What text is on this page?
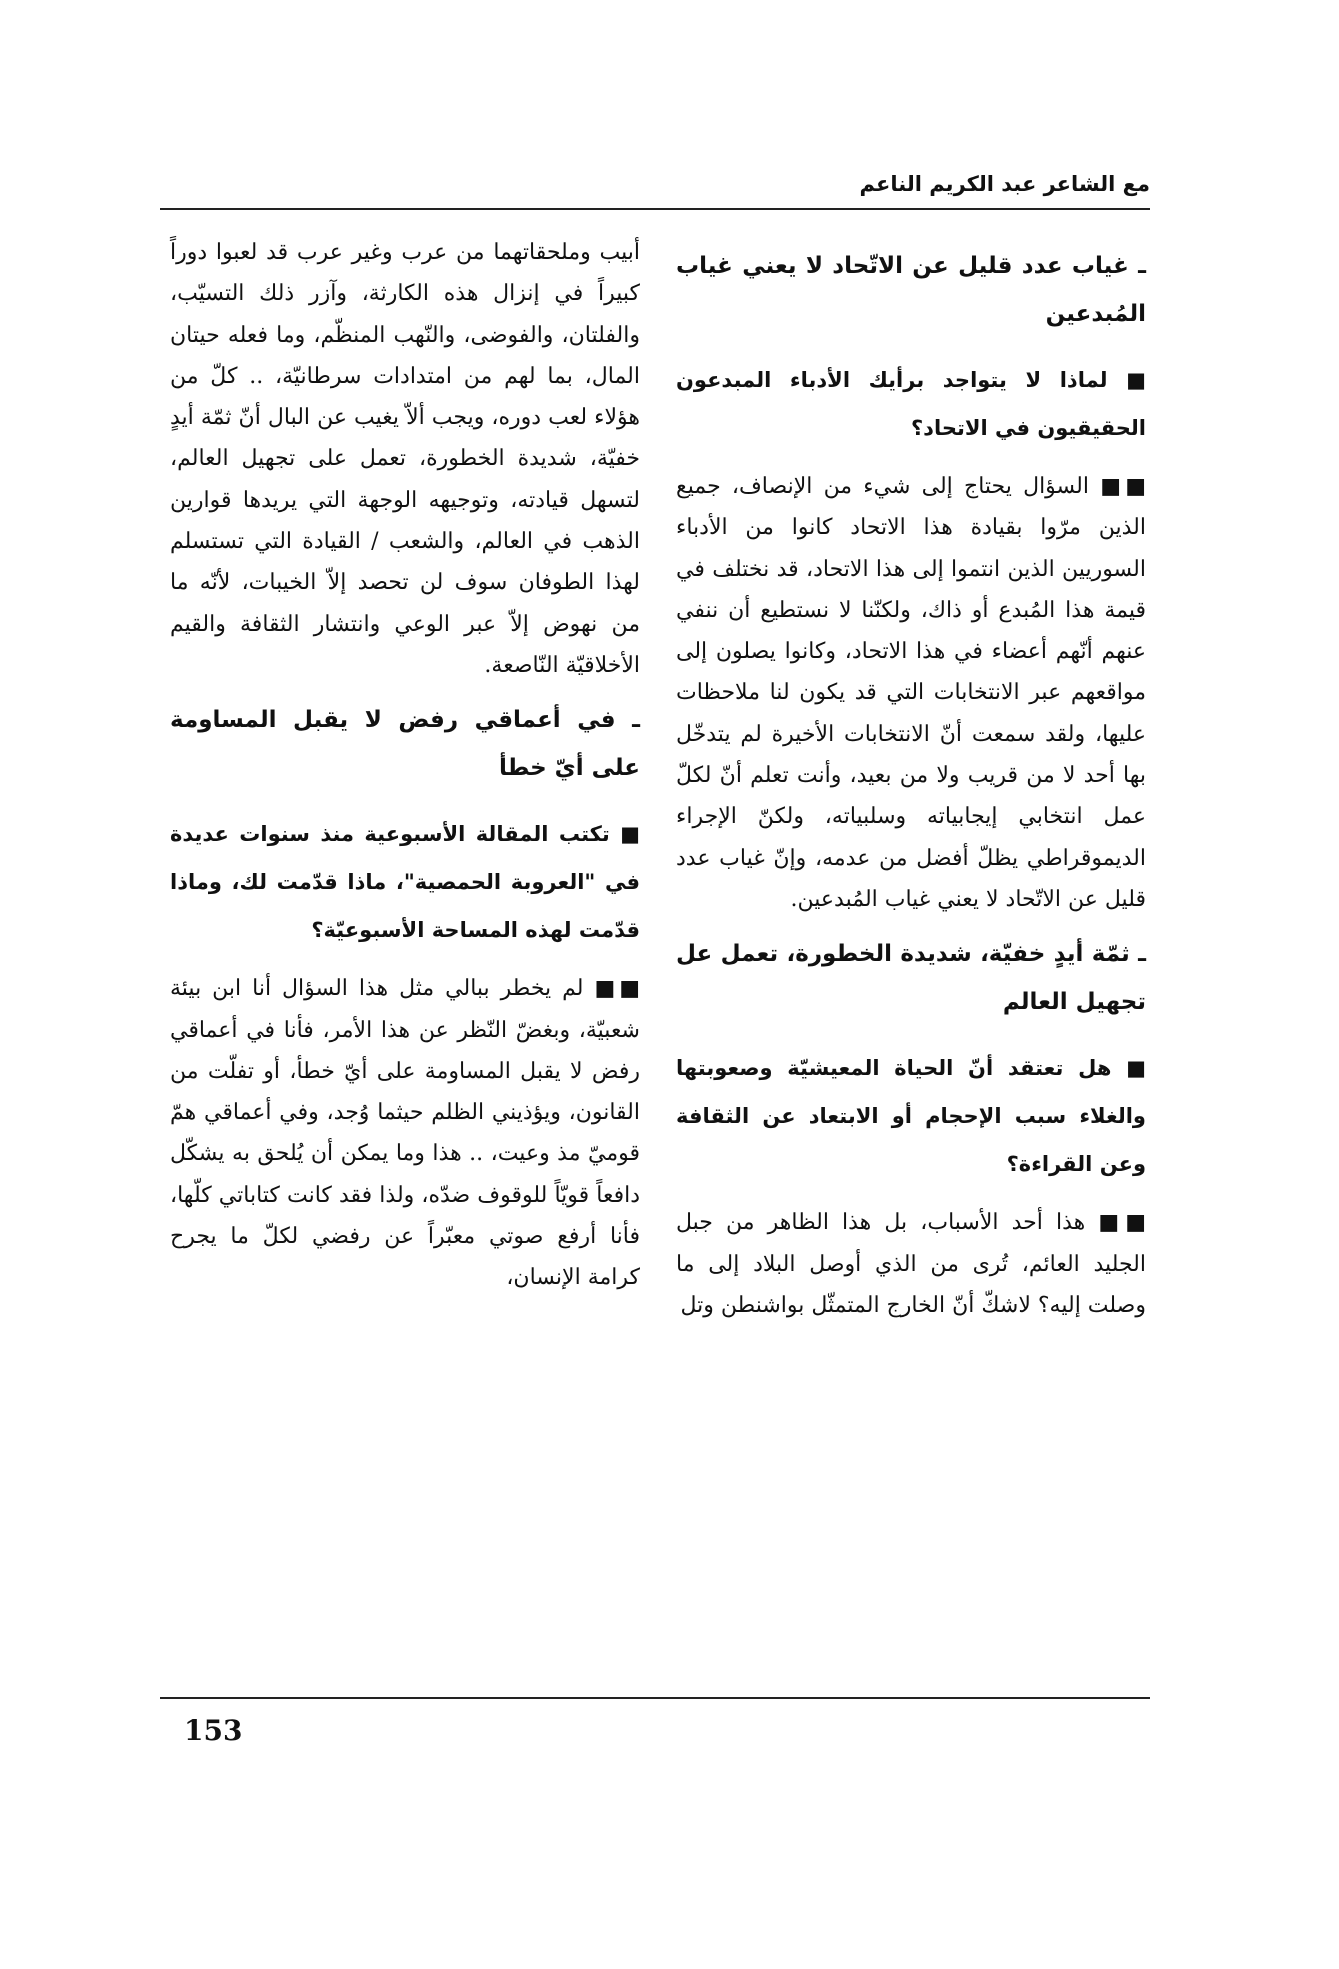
مع الشاعر عبد الكريم الناعم
ـ غياب عدد قليل عن الاتّحاد لا يعني غياب المُبدعين
■ لماذا لا يتواجد برأيك الأدباء المبدعون الحقيقيون في الاتحاد؟

■■ السؤال يحتاج إلى شيء من الإنصاف، جميع الذين مرّوا بقيادة هذا الاتحاد كانوا من الأدباء السوريين الذين انتموا إلى هذا الاتحاد، قد نختلف في قيمة هذا المُبدع أو ذاك، ولكنّنا لا نستطيع أن ننفي عنهم أنّهم أعضاء في هذا الاتحاد، وكانوا يصلون إلى مواقعهم عبر الانتخابات التي قد يكون لنا ملاحظات عليها، ولقد سمعت أنّ الانتخابات الأخيرة لم يتدخّل بها أحد لا من قريب ولا من بعيد، وأنت تعلم أنّ لكلّ عمل انتخابي إيجابياته وسلبياته، ولكنّ الإجراء الديموقراطي يظلّ أفضل من عدمه، وإنّ غياب عدد قليل عن الاتّحاد لا يعني غياب المُبدعين.

ـ ثمّة أيدٍ خفيّة، شديدة الخطورة، تعمل عل تجهيل العالم
■ هل تعتقد أنّ الحياة المعيشيّة وصعوبتها والغلاء سبب الإحجام أو الابتعاد عن الثقافة وعن القراءة؟

■■ هذا أحد الأسباب، بل هذا الظاهر من جبل الجليد العائم، تُرى من الذي أوصل البلاد إلى ما وصلت إليه؟ لاشكّ أنّ الخارج المتمثّل بواشنطن وتل

أبيب وملحقاتهما من عرب وغير عرب قد لعبوا دوراً كبيراً في إنزال هذه الكارثة، وآزر ذلك التسيّب، والفلتان، والفوضى، والنّهب المنظّم، وما فعله حيتان المال، بما لهم من امتدادات سرطانيّة، .. كلّ من هؤلاء لعب دوره، ويجب ألاّ يغيب عن البال أنّ ثمّة أيدٍ خفيّة، شديدة الخطورة، تعمل على تجهيل العالم، لتسهل قيادته، وتوجيهه الوجهة التي يريدها قوارين الذهب في العالم، والشعب / القيادة التي تستسلم لهذا الطوفان سوف لن تحصد إلاّ الخيبات، لأنّه ما من نهوض إلاّ عبر الوعي وانتشار الثقافة والقيم الأخلاقيّة النّاصعة.

ـ في أعماقي رفض لا يقبل المساومة على أيّ خطأ
■ تكتب المقالة الأسبوعية منذ سنوات عديدة في "العروبة الحمصية"، ماذا قدّمت لك، وماذا قدّمت لهذه المساحة الأسبوعيّة؟

■■ لم يخطر ببالي مثل هذا السؤال أنا ابن بيئة شعبيّة، وبغضّ النّظر عن هذا الأمر، فأنا في أعماقي رفض لا يقبل المساومة على أيّ خطأ، أو تفلّت من القانون، ويؤذيني الظلم حيثما وُجد، وفي أعماقي همّ قوميّ مذ وعيت، .. هذا وما يمكن أن يُلحق به يشكّل دافعاً قويّاً للوقوف ضدّه، ولذا فقد كانت كتاباتي كلّها، فأنا أرفع صوتي معبّراً عن رفضي لكلّ ما يجرح كرامة الإنسان،

153
